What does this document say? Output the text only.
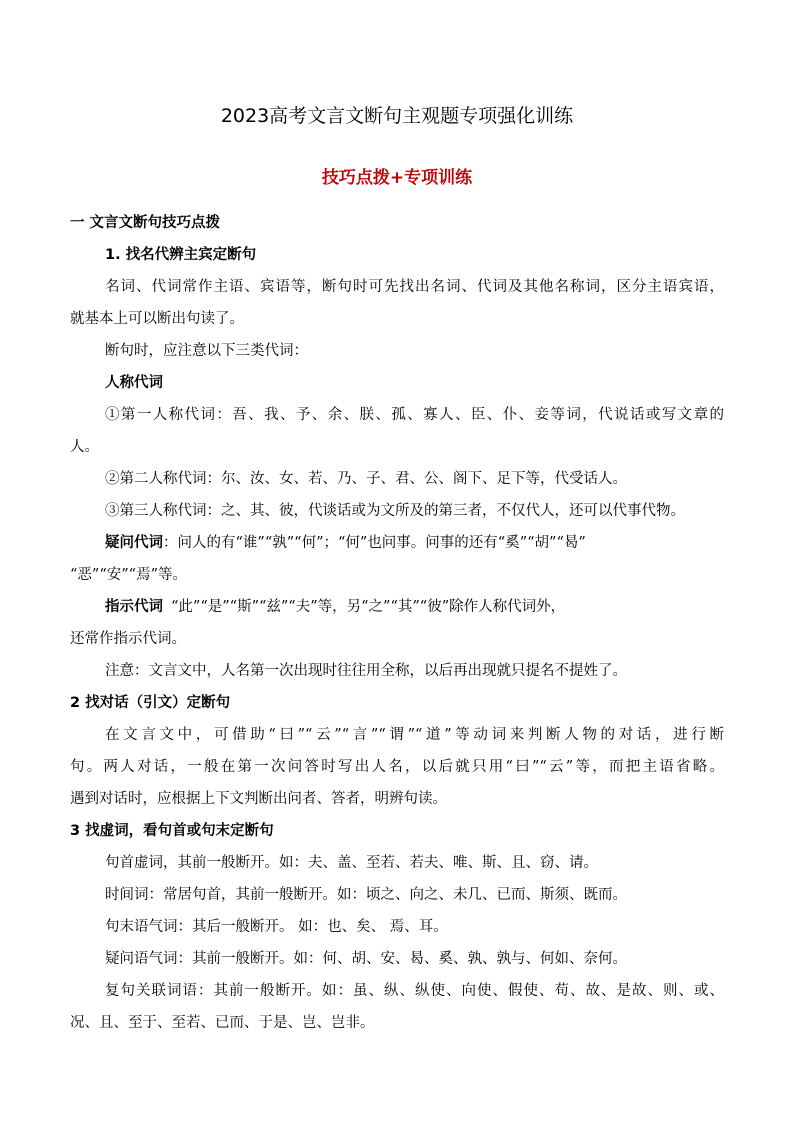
2023高考文言文断句主观题专项强化训练
技巧点拨+专项训练
一 文言文断句技巧点拨
1. 找名代辨主宾定断句
名词、代词常作主语、宾语等，断句时可先找出名词、代词及其他名称词，区分主语宾语，
就基本上可以断出句读了。
断句时，应注意以下三类代词：
人称代词
①第一人称代词：吾、我、予、余、朕、孤、寡人、臣、仆、妾等词，代说话或写文章的
人。
②第二人称代词：尔、汝、女、若、乃、子、君、公、阁下、足下等，代受话人。
③第三人称代词：之、其、彼，代谈话或为文所及的第三者，不仅代人，还可以代事代物。
疑问代词：问人的有“谁”“孰”“何”；“何”也问事。问事的还有“奚”“胡”“曷”
“恶”“安”“焉”等。
指示代词 “此”“是”“斯”“兹”“夫”等，另“之”“其”“彼”除作人称代词外，
还常作指示代词。
注意：文言文中，人名第一次出现时往往用全称，以后再出现就只提名不提姓了。
2 找对话（引文）定断句
在文言文中，可借助“曰”“云”“言”“谓”“道”等动词来判断人物的对话，进行断
句。两人对话，一般在第一次问答时写出人名，以后就只用“曰”“云”等，而把主语省略。
遇到对话时，应根据上下文判断出问者、答者，明辨句读。
3 找虚词，看句首或句末定断句
句首虚词，其前一般断开。如：夫、盖、至若、若夫、唯、斯、且、窃、请。
时间词：常居句首，其前一般断开。如：顷之、向之、未几、已而、斯须、既而。
句末语气词：其后一般断开。 如：也、矣、 焉、耳。
疑问语气词：其前一般断开。如：何、胡、安、曷、奚、孰、孰与、何如、奈何。
复句关联词语：其前一般断开。如：虽、纵、纵使、向使、假使、苟、故、是故、则、或、
况、且、至于、至若、已而、于是、岂、岂非。
